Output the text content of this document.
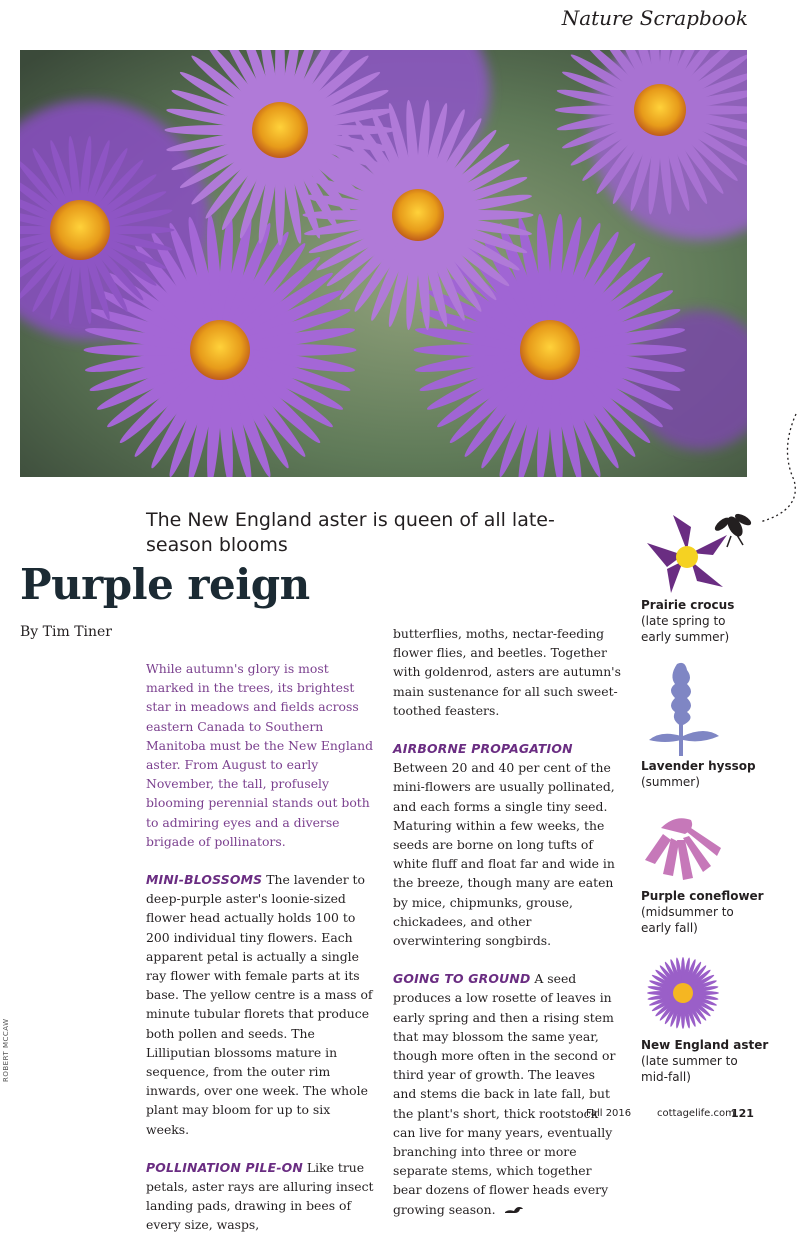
Nature Scrapbook
The New England aster is queen of all late-season blooms
Purple reign
By Tim Tiner

While autumn's glory is most marked in the trees, its brightest star in meadows and fields across eastern Canada to Southern Manitoba must be the New England aster. From August to early November, the tall, profusely blooming perennial stands out both to admiring eyes and a diverse brigade of pollinators.

MINI-BLOSSOMS The lavender to deep-purple aster's loonie-sized flower head actually holds 100 to 200 individual tiny flowers. Each apparent petal is actually a single ray flower with female parts at its base. The yellow centre is a mass of minute tubular florets that produce both pollen and seeds. The Lilliputian blossoms mature in sequence, from the outer rim inwards, over one week. The whole plant may bloom for up to six weeks.

POLLINATION PILE-ON Like true petals, aster rays are alluring insect landing pads, drawing in bees of every size, wasps,

butterflies, moths, nectar-feeding flower flies, and beetles. Together with goldenrod, asters are autumn's main sustenance for all such sweet-toothed feasters.

AIRBORNE PROPAGATION Between 20 and 40 per cent of the mini-flowers are usually pollinated, and each forms a single tiny seed. Maturing within a few weeks, the seeds are borne on long tufts of white fluff and float far and wide in the breeze, though many are eaten by mice, chipmunks, grouse, chickadees, and other overwintering songbirds.

GOING TO GROUND A seed produces a low rosette of leaves in early spring and then a rising stem that may blossom the same year, though more often in the second or third year of growth. The leaves and stems die back in late fall, but the plant's short, thick rootstock can live for many years, eventually branching into three or more separate stems, which together bear dozens of flower heads every growing season.

Prairie crocus
(late spring to early summer)
Lavender hyssop
(summer)
Purple coneflower
(midsummer to early fall)
New England aster
(late summer to mid-fall)
ROBERT MCCAW
Fall 2016	cottagelife.com
121
